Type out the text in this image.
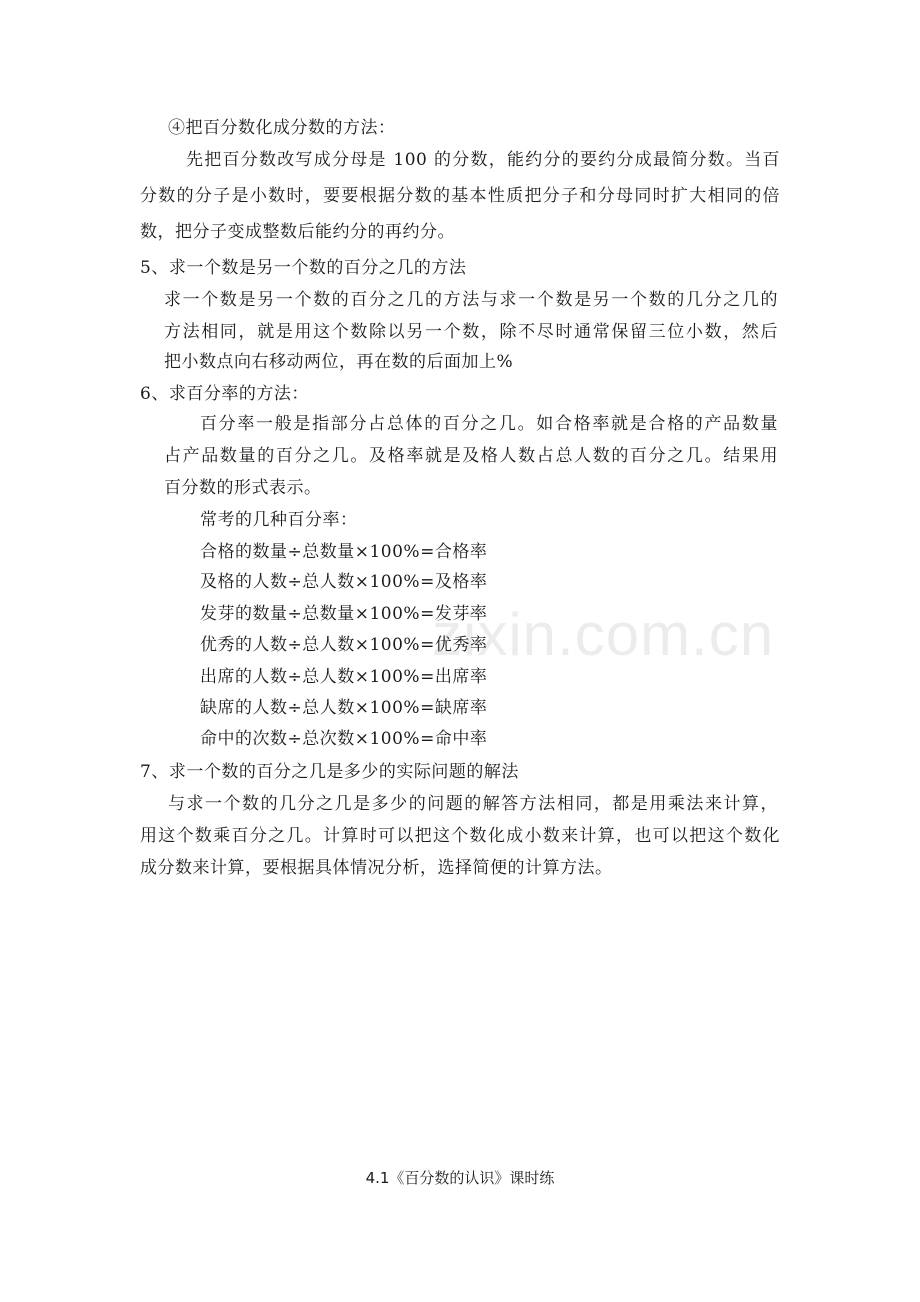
zixin.com.cn
④把百分数化成分数的方法：
先把百分数改写成分母是 100 的分数，能约分的要约分成最简分数。当百
分数的分子是小数时，要要根据分数的基本性质把分子和分母同时扩大相同的倍
数，把分子变成整数后能约分的再约分。
5、求一个数是另一个数的百分之几的方法
求一个数是另一个数的百分之几的方法与求一个数是另一个数的几分之几的
方法相同，就是用这个数除以另一个数，除不尽时通常保留三位小数，然后
把小数点向右移动两位，再在数的后面加上%
6、求百分率的方法：
百分率一般是指部分占总体的百分之几。如合格率就是合格的产品数量
占产品数量的百分之几。及格率就是及格人数占总人数的百分之几。结果用
百分数的形式表示。
常考的几种百分率：
合格的数量÷总数量×100%=合格率
及格的人数÷总人数×100%=及格率
发芽的数量÷总数量×100%=发芽率
优秀的人数÷总人数×100%=优秀率
出席的人数÷总人数×100%=出席率
缺席的人数÷总人数×100%=缺席率
命中的次数÷总次数×100%=命中率
7、求一个数的百分之几是多少的实际问题的解法
与求一个数的几分之几是多少的问题的解答方法相同，都是用乘法来计算，
用这个数乘百分之几。计算时可以把这个数化成小数来计算，也可以把这个数化
成分数来计算，要根据具体情况分析，选择简便的计算方法。
4.1《百分数的认识》课时练
